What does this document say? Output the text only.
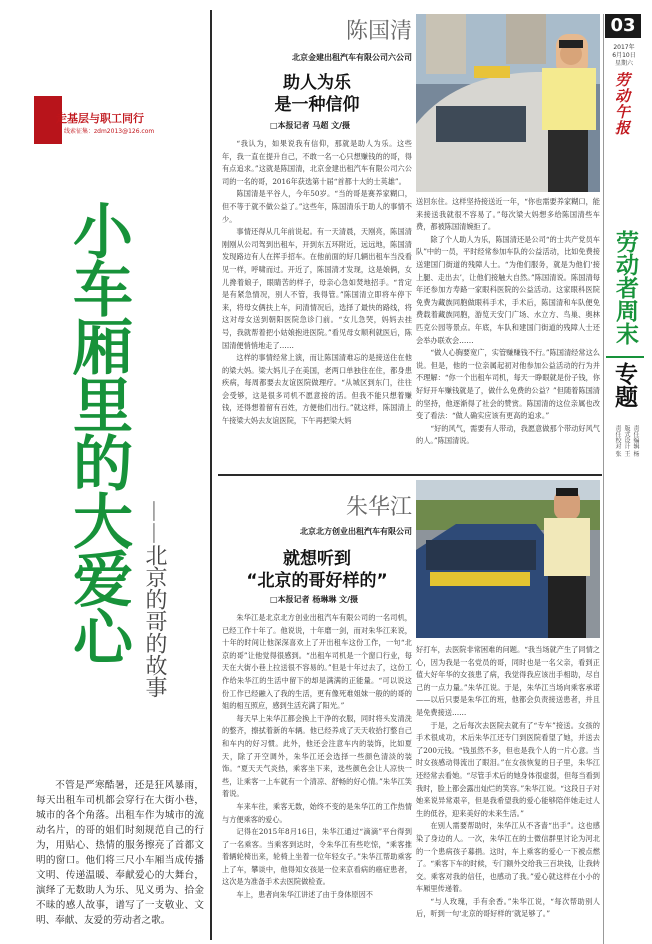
03
2017年
6月10日
星期六
劳动午报
劳动者周末
专题
责任编辑 杨
版式设计 王
责任校对 张
走基层与职工同行
线索征集：zdm2013@126.com
小车厢里的大爱心 ——北京的哥的故事
不管是严寒酷暑，还是狂风暴雨，每天出租车司机都会穿行在大街小巷，城市的各个角落。出租车作为城市的流动名片，的哥的姐们时刻规范自己的行为，用贴心、热情的服务擦亮了首都文明的窗口。他们将三尺小车厢当成传播文明、传递温暖、奉献爱心的大舞台，演绎了无数助人为乐、见义勇为、拾金不昧的感人故事，谱写了一支敬业、文明、奉献、友爱的劳动者之歌。
陈国清
北京金建出租汽车有限公司六公司
助人为乐
是一种信仰
□本报记者 马超 文/摄

“我认为，如果说我有信仰，那就是助人为乐。这些年，我一直在提升自己，不敢一名一心只想赚钱的的哥，得有点追求。”这就是陈国清，北京金建出租汽车有限公司六公司的一名的哥，2016年获选第十届“首都十大的士英雄”。

陈国清是平谷人，今年50岁。“当的哥是赛养家糊口，但不等于就不做公益了。”这些年，陈国清乐于助人的事情不少。

事情还得从几年前说起。有一天清晨，天刚亮，陈国清刚刚从公司驾到出租车，开到东五环附近，远远地，陈国清发现路边有人在挥手招车。在他前面的好几辆出租车当没看见一样，呼啸而过。开近了，陈国清才发现，这是娘俩，女儿搀着娘子，眼睛苦的样子，母亲心急如焚地招手。“肯定是有紧急情况，别人不管，我得管。”陈国清立即将车停下来，将母女俩扶上车，问清情况后，选择了最快的路线，将这对母女送到朝阳医院急诊门前。“女儿急哭，妈妈去挂号，我就帮着把小姑娘抱进医院。”看见母女顺利就医后，陈国清便悄悄地走了……

这样的事情经常上演，而让陈国清难忘的是接送住在他的梁大妈。梁大妈儿子在美国，老两口单独住在住，都身患疾病，每周都要去友谊医院做理疗。“从城区到东门，往往会受够，这是很多司机不愿意接的活。但我不能只想着赚钱，还得想着留有百姓，方便他们出行。”就这样，陈国清上午接梁大妈去友谊医院，下午再把梁大妈

送回东住。这样坚持接送近一年，“你也需要养家糊口，能来接送我就很不容易了。”每次梁大妈想多给陈国清些车费，都被陈国清婉拒了。

除了个人助人为乐，陈国清还是公司“的士共产党员车队”中的一员，平时经常参加车队的公益活动，比如免费接送建国门街道的残障人士。“为他们服务，就是为他们‘接上腿、走出去’，让他们接触大自然。”陈国清说。陈国清每年还参加方寿路一家眼科医院的公益活动。这家眼科医院免费为藏族同胞做眼科手术，手术后，陈国清和车队便免费载着藏族同胞，游览天安门广场、水立方、鸟巢、奥林匹克公园等景点。年底，车队和建国门街道的残障人士还会举办联欢会……

“做人心胸要宽广，实管赚赚钱不行。”陈国清经常这么说。但是，他的一位亲属起初对他参加公益活动的行为并不理解：“你一个出租车司机，每天一睁眼就是份子钱，你好好开车赚钱就是了，做什么免费的公益？”但随着陈国清的坚持，他逐渐得了社会的赞赏。陈国清的这位亲属也改变了看法：“做人确实应该有更高的追求。”

“好的风气，需要有人带动，我愿意做那个带动好风气的人。”陈国清说。

朱华江
北京北方创业出租汽车有限公司
就想听到
“北京的哥好样的”
□本报记者 杨琳琳 文/摄

朱华江是北京北方创业出租汽车有限公司的一名司机，已经工作十年了。他说说，十年磨一剑，而对朱华江来说，十年的时间让他深深喜欢上了开出租车这份工作，一句“北京的哥”让他觉得很感到。“出租车司机是一个窗口行业，每天在大街小巷上拉送很不容易的。”但是十年过去了，这份工作给朱华江的生活中留下的却是满满的正能量。“可以说这份工作已经融入了我的生活，更有像死难姐妹一般的的哥的姐的相互照应，感到生活充满了阳光。”

每天早上朱华江都会换上干净的衣服，同时将头发清洗的整齐，擦拭着新的车辆。他已经养成了天天收拾打整自己和车内的好习惯。此外，他还会注意车内的装饰，比如夏天，除了开空调外，朱华江还会选择一些颜色清淡的装饰。“夏天天气炎热，乘客坐下来，选些颜色会让人凉快一些，让乘客一上车就有一个清凉、舒畅的好心情。”朱华江笑着说。

车来车往，乘客无数，始终不变的是朱华江的工作热情与方便乘客的爱心。

记得在2015年8月16日，朱华江通过“滴滴”平台得到了一名乘客。当乘客到达时，令朱华江有些吃惊，“乘客推着辆轮椅出来，轮椅上坐着一位年轻女子。”朱华江帮助乘客上了车，攀谈中，他得知女孩是一位来京看病的癌症患者，这次是为准备手术去医院做检查。

车上，患者向朱华江讲述了由于身体原因不

好打车，去医院非常困难的问题。“我当场就产生了同情之心，因为我是一名党员的哥，同时也是一名父亲，看到正值大好年华的女孩患了病，我觉得我应该出手相助，尽自己的一点力量。”朱华江说。于是，朱华江当场向乘客承诺——以后只要是朱华江的班，他都会负责接送患者，并且是免费接送……

于是，之后每次去医院去就有了“专车”接送。女孩的手术很成功，术后朱华江还专门到医院看望了她，并送去了200元钱。“钱虽然不多，但也是我个人的一片心意。当时女孩感动得流出了眼泪。”在女孩恢复的日子里，朱华江还经常去看她。“尽管手术后的她身体很虚弱，但每当看到我时，脸上都会露出灿烂的笑容。”朱华江说。“这段日子对她来说异常艰辛，但是我希望我的爱心能够陪伴她走过人生的低谷，迎来美好的未来生活。”

在别人需要帮助时，朱华江从不吝啬“出手”。这也感染了身边的人。一次，朱华江在的士微信群里讨论为河北的一个患病孩子募捐。这时，车上乘客的爱心一下被点燃了。“乘客下车的时候，专门额外交给我三百块钱，让我转交。乘客对我的信任，也感动了我。”爱心就这样在小小的车厢里传递着。

“与人玫瑰，手有余香。”朱华江说，“每次帮助别人后，听到一句‘北京的哥好样的’就足够了。”
